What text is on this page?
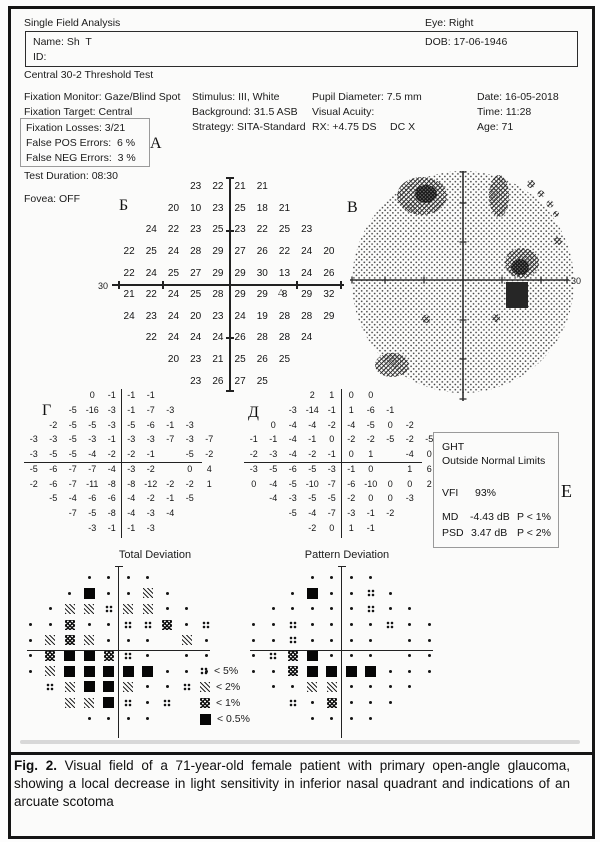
Single Field Analysis	Eye: Right
Name: Sh  T	DOB: 17-06-1946
ID:
Central 30-2 Threshold Test
Fixation Monitor: Gaze/Blind Spot
Fixation Target: Central
Fixation Losses: 3/21
False POS Errors:  6 %
False NEG Errors:  3 %
Test Duration: 08:30
Fovea: OFF
A
Stimulus: III, White
Background: 31.5 ASB
Strategy: SITA-Standard
Pupil Diameter: 7.5 mm
Visual Acuity:
RX: +4.75 DS DC X
Date: 16-05-2018
Time: 11:28
Age: 71
Б
23	22	21	21
20	10	23	25	18	21
24	22	23	25	23	22	25	23
22	25	24	28	29	27	26	22	24	20
22	24	25	27	29	29	30	13	24	26
21	22	24	25	28	29	29	8	29	32
24	23	24	20	23	24	19	28	28	29
22	24	24	24	26	28	28	24
20	23	21	25	26	25
23	26	27	25
30
△
В
30
Г
0	-1	-1	-1
-5 -16 -3	-1	-7	-3
-2	-5	-5	-3	-5	-6	-1	-3
-3	-3	-5	-3	-1	-3	-3	-7	-3	-7
-3	-5	-5	-4	-2	-2	-1	-5	-2
-5	-6	-7	-7	-4	-3	-2	0	4
-2	-6	-7	-11	-8	-8 -12 -2	-2	1
-5	-4	-6	-6	-4	-2	-1	-5
-7	-5	-8	-4	-3	-4
-3	-1	-1	-3
Д
2	1	0	0
-3 -14 -1	1	-6	-1
0	-4	-4	-2	-4	-5	0	-2
-1	-1	-4	-1	0	-2	-2	-5	-2	-5
-2	-3	-4	-2	-1	0	1	-4	0
-3	-5	-6	-5	-3	-1	0	1	6
0	-4	-5 -10 -7	-6 -10	0	0	2
-4	-3	-5	-5	-2	0	0	-3
-5	-4	-7	-3	-1	-2
-2	0	1	-1
GHT
Outside Normal Limits
VFI 93%
MD -4.43 dB P < 1%
PSD 3.47 dB P < 2%
E
Total Deviation	Pattern Deviation
< 5%
< 2%
< 1%
< 0.5%
Fig. 2. Visual field of a 71-year-old female patient with primary open-angle glaucoma, showing a local decrease in light sensitivity in inferior nasal quadrant and indications of an arcuate scotoma
